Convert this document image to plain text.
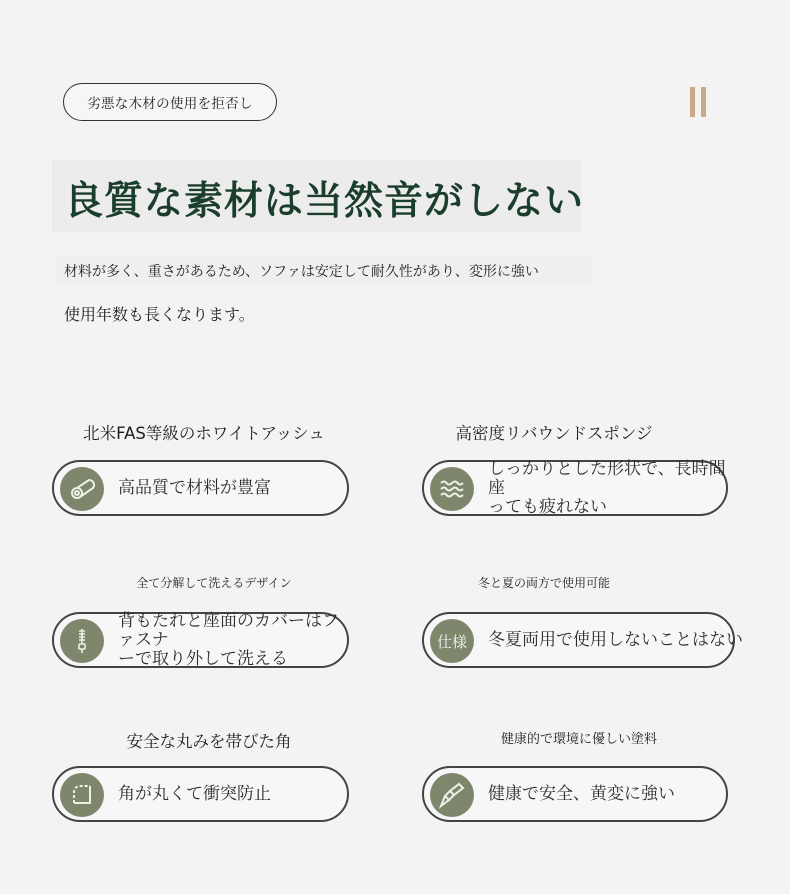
劣悪な木材の使用を拒否し
良質な素材は当然音がしない
材料が多く、重さがあるため、ソファは安定して耐久性があり、変形に強い
使用年数も長くなります。
北米FAS等級のホワイトアッシュ
高品質で材料が豊富
高密度リバウンドスポンジ
しっかりとした形状で、長時間座
っても疲れない
全て分解して洗えるデザイン
背もたれと座面のカバーはファスナ
ーで取り外して洗える
冬と夏の両方で使用可能
仕様 冬夏両用で使用しないことはない
安全な丸みを帯びた角
角が丸くて衝突防止
健康的で環境に優しい塗料
健康で安全、黄変に強い
